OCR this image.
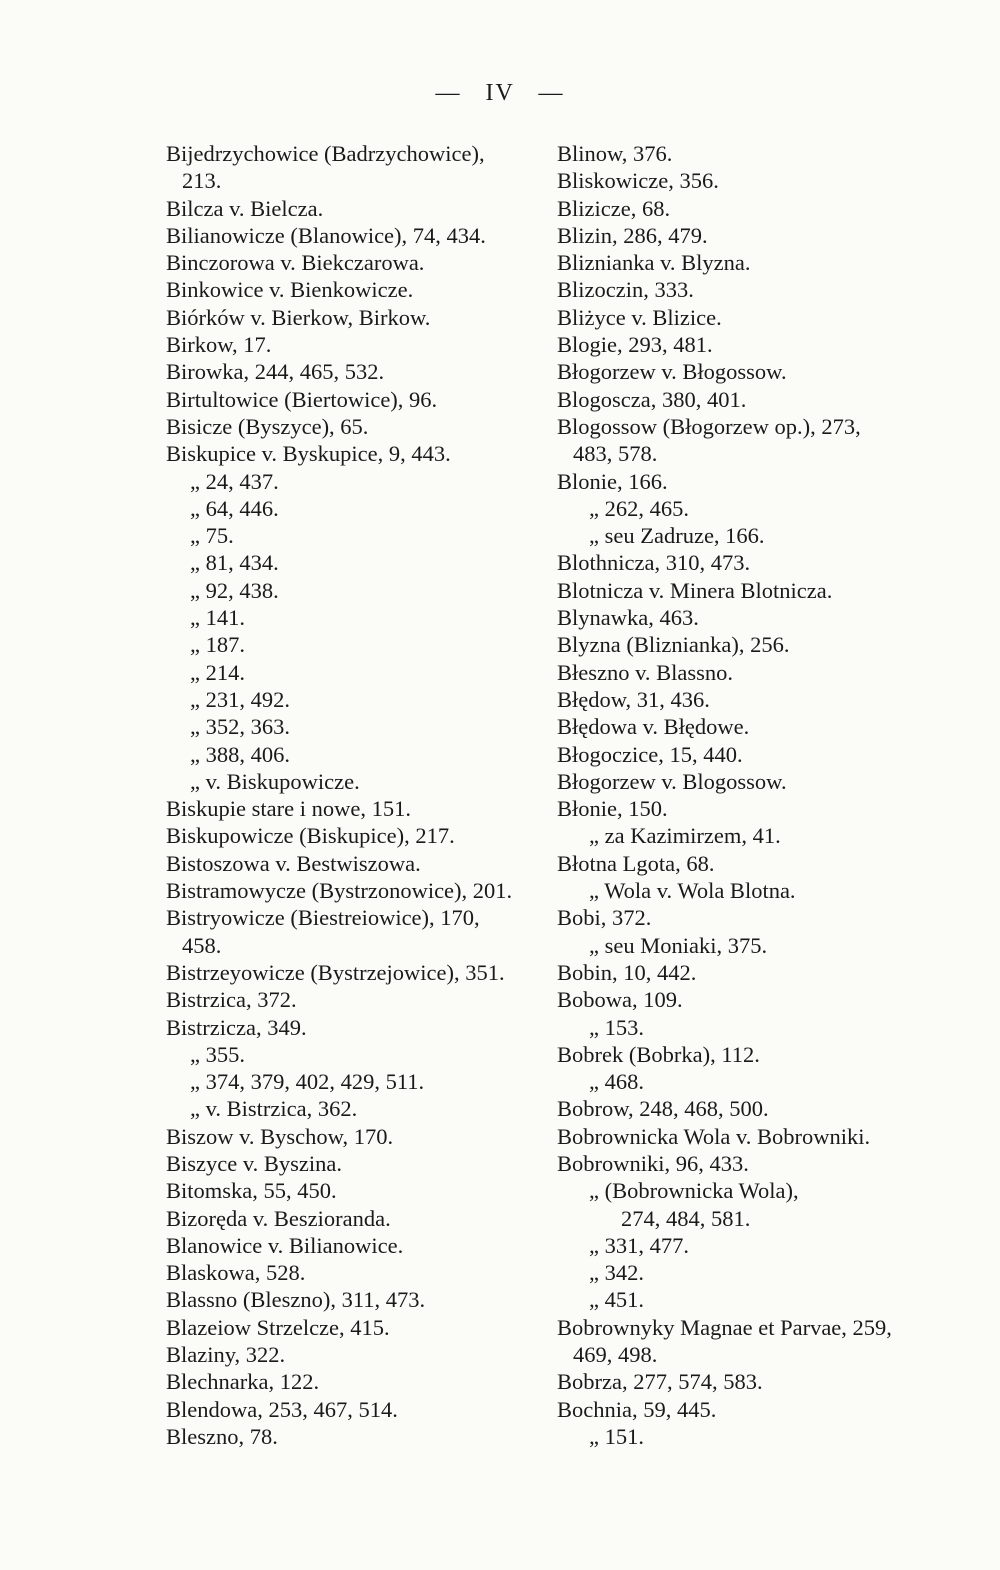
— IV —
Bijedrzychowice (Badrzychowice),
213.
Bilcza v. Bielcza.
Bilianowicze (Blanowice), 74, 434.
Binczorowa v. Biekczarowa.
Binkowice v. Bienkowicze.
Biórków v. Bierkow, Birkow.
Birkow, 17.
Birowka, 244, 465, 532.
Birtultowice (Biertowice), 96.
Bisicze (Byszyce), 65.
Biskupice v. Byskupice, 9, 443.
„ 24, 437.
„ 64, 446.
„ 75.
„ 81, 434.
„ 92, 438.
„ 141.
„ 187.
„ 214.
„ 231, 492.
„ 352, 363.
„ 388, 406.
„ v. Biskupowicze.
Biskupie stare i nowe, 151.
Biskupowicze (Biskupice), 217.
Bistoszowa v. Bestwiszowa.
Bistramowycze (Bystrzonowice), 201.
Bistryowicze (Biestreiowice), 170,
458.
Bistrzeyowicze (Bystrzejowice), 351.
Bistrzica, 372.
Bistrzicza, 349.
„ 355.
„ 374, 379, 402, 429, 511.
„ v. Bistrzica, 362.
Biszow v. Byschow, 170.
Biszyce v. Byszina.
Bitomska, 55, 450.
Bizoręda v. Beszioranda.
Blanowice v. Bilianowice.
Blaskowa, 528.
Blassno (Bleszno), 311, 473.
Blazeiow Strzelcze, 415.
Blaziny, 322.
Blechnarka, 122.
Blendowa, 253, 467, 514.
Bleszno, 78.
Blinow, 376.
Bliskowicze, 356.
Blizicze, 68.
Blizin, 286, 479.
Bliznianka v. Blyzna.
Blizoczin, 333.
Bliżyce v. Blizice.
Blogie, 293, 481.
Błogorzew v. Błogossow.
Blogoscza, 380, 401.
Blogossow (Błogorzew op.), 273,
483, 578.
Blonie, 166.
„ 262, 465.
„ seu Zadruze, 166.
Blothnicza, 310, 473.
Blotnicza v. Minera Blotnicza.
Blynawka, 463.
Blyzna (Bliznianka), 256.
Błeszno v. Blassno.
Błędow, 31, 436.
Błędowa v. Błędowe.
Błogoczice, 15, 440.
Błogorzew v. Blogossow.
Błonie, 150.
„ za Kazimirzem, 41.
Błotna Lgota, 68.
„ Wola v. Wola Blotna.
Bobi, 372.
„ seu Moniaki, 375.
Bobin, 10, 442.
Bobowa, 109.
„ 153.
Bobrek (Bobrka), 112.
„ 468.
Bobrow, 248, 468, 500.
Bobrownicka Wola v. Bobrowniki.
Bobrowniki, 96, 433.
„ (Bobrownicka Wola),
274, 484, 581.
„ 331, 477.
„ 342.
„ 451.
Bobrownyky Magnae et Parvae, 259,
469, 498.
Bobrza, 277, 574, 583.
Bochnia, 59, 445.
„ 151.
